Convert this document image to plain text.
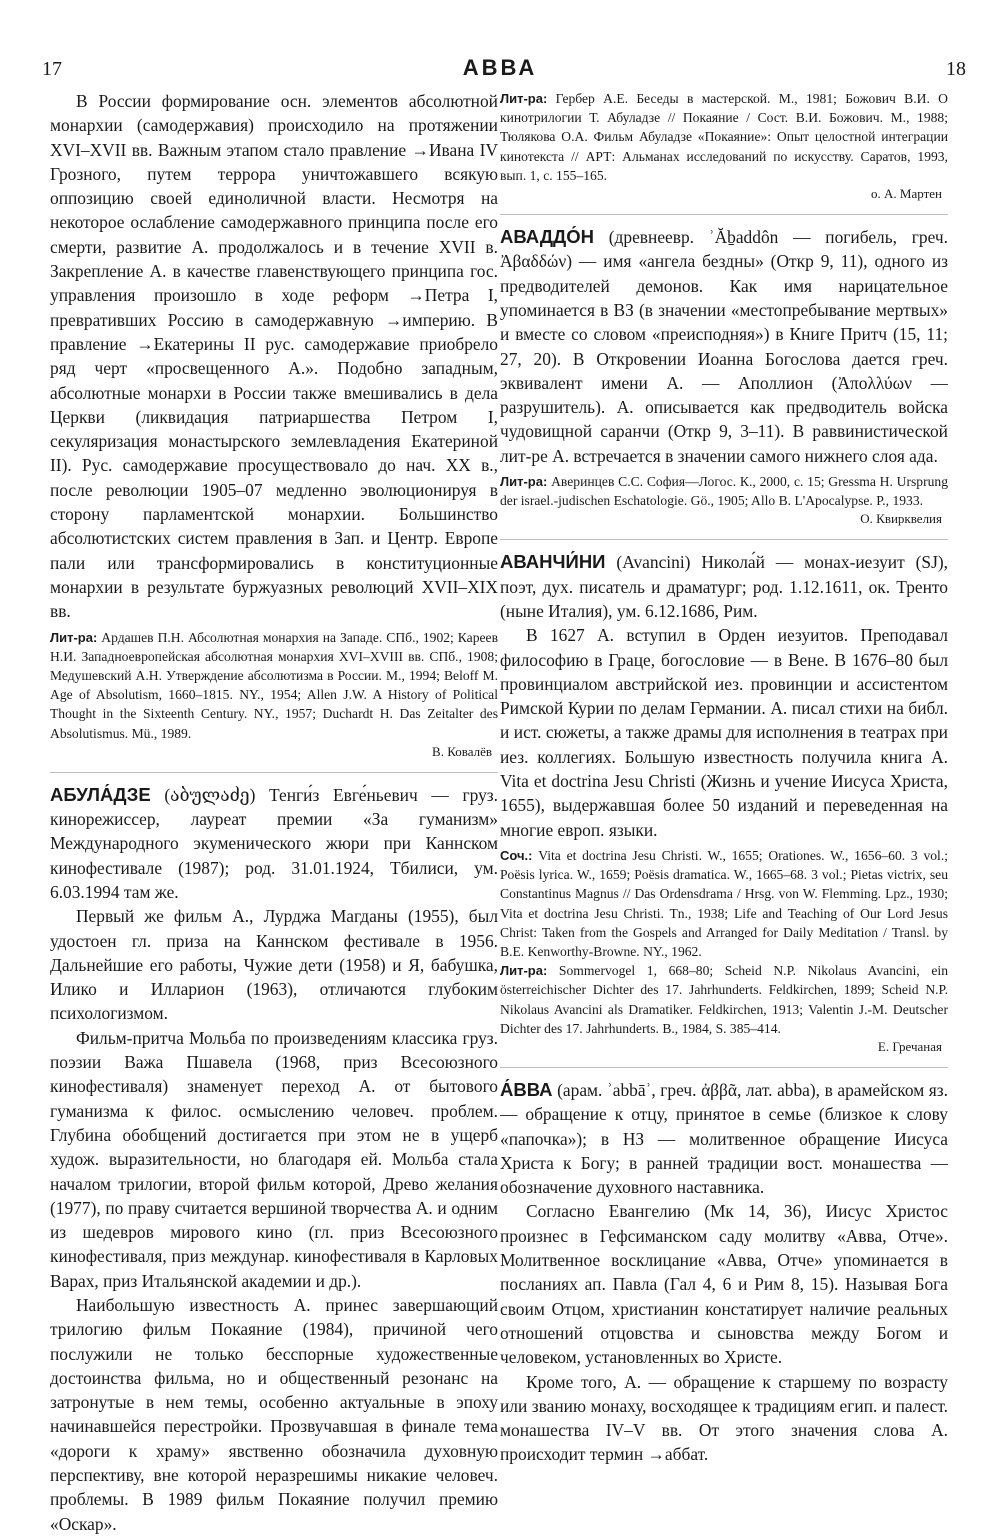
17	АВВА	18

В России формирование осн. элементов абсолютной монархии (самодержавия) происходило на протяжении XVI–XVII вв. Важным этапом стало правление →Ивана IV Грозного, путем террора уничтожавшего всякую оппозицию своей единоличной власти. Несмотря на некоторое ослабление самодержавного принципа после его смерти, развитие А. продолжалось и в течение XVII в. Закрепление А. в качестве главенствующего принципа гос. управления произошло в ходе реформ →Петра I, превративших Россию в самодержавную →империю. В правление →Екатерины II рус. самодержавие приобрело ряд черт «просвещенного А.». Подобно западным, абсолютные монархи в России также вмешивались в дела Церкви (ликвидация патриаршества Петром I, секуляризация монастырского землевладения Екатериной II). Рус. самодержавие просуществовало до нач. XX в., после революции 1905–07 медленно эволюционируя в сторону парламентской монархии. Большинство абсолютистских систем правления в Зап. и Центр. Европе пали или трансформировались в конституционные монархии в результате буржуазных революций XVII–XIX вв.

Лит-ра: Ардашев П.Н. Абсолютная монархия на Западе. СПб., 1902; Кареев Н.И. Западноевропейская абсолютная монархия XVI–XVIII вв. СПб., 1908; Медушевский А.Н. Утверждение абсолютизма в России. М., 1994; Beloff M. Age of Absolutism, 1660–1815. NY., 1954; Allen J.W. A History of Political Thought in the Sixteenth Century. NY., 1957; Duchardt H. Das Zeitalter des Absolutismus. Mü., 1989.

В. Ковалёв

АБУЛА́ДЗЕ (აბულაძე) Тенги́з Евге́ньевич — груз. кинорежиссер, лауреат премии «За гуманизм» Международного экуменического жюри при Каннском кинофестивале (1987); род. 31.01.1924, Тбилиси, ум. 6.03.1994 там же.

Первый же фильм А., Лурджа Магданы (1955), был удостоен гл. приза на Каннском фестивале в 1956. Дальнейшие его работы, Чужие дети (1958) и Я, бабушка, Илико и Илларион (1963), отличаются глубоким психологизмом.

Фильм-притча Мольба по произведениям классика груз. поэзии Важа Пшавела (1968, приз Всесоюзного кинофестиваля) знаменует переход А. от бытового гуманизма к филос. осмыслению человеч. проблем. Глубина обобщений достигается при этом не в ущерб худож. выразительности, но благодаря ей. Мольба стала началом трилогии, второй фильм которой, Древо желания (1977), по праву считается вершиной творчества А. и одним из шедевров мирового кино (гл. приз Всесоюзного кинофестиваля, приз междунар. кинофестиваля в Карловых Варах, приз Итальянской академии и др.).

Наибольшую известность А. принес завершающий трилогию фильм Покаяние (1984), причиной чего послужили не только бесспорные художественные достоинства фильма, но и общественный резонанс на затронутые в нем темы, особенно актуальные в эпоху начинавшейся перестройки. Прозвучавшая в финале тема «дороги к храму» явственно обозначила духовную перспективу, вне которой неразрешимы никакие человеч. проблемы. В 1989 фильм Покаяние получил премию «Оскар».

Лит-ра: Гербер А.Е. Беседы в мастерской. М., 1981; Божович В.И. О кинотрилогии Т. Абуладзе // Покаяние / Сост. В.И. Божович. М., 1988; Тюлякова О.А. Фильм Абуладзе «Покаяние»: Опыт целостной интеграции кинотекста // АРТ: Альманах исследований по искусству. Саратов, 1993, вып. 1, с. 155–165.

о. А. Мартен

АВАДДО́Н (древнеевр. ʾĂḇaddôn — погибель, греч. Ἀβαδδών) — имя «ангела бездны» (Откр 9, 11), одного из предводителей демонов. Как имя нарицательное упоминается в ВЗ (в значении «местопребывание мертвых» и вместе со словом «преисподняя») в Книге Притч (15, 11; 27, 20). В Откровении Иоанна Богослова дается греч. эквивалент имени А. — Аполлион (Ἀπολλύων — разрушитель). А. описывается как предводитель войска чудовищной саранчи (Откр 9, 3–11). В раввинистической лит-ре А. встречается в значении самого нижнего слоя ада.

Лит-ра: Аверинцев С.С. София—Логос. К., 2000, с. 15; Gressma H. Ursprung der israel.-judischen Eschatologie. Gö., 1905; Allo B. L'Apocalypse. P., 1933.

О. Квирквелия

АВАНЧИ́НИ (Avancini) Никола́й — монах-иезуит (SJ), поэт, дух. писатель и драматург; род. 1.12.1611, ок. Тренто (ныне Италия), ум. 6.12.1686, Рим.

В 1627 А. вступил в Орден иезуитов. Преподавал философию в Граце, богословие — в Вене. В 1676–80 был провинциалом австрийской иез. провинции и ассистентом Римской Курии по делам Германии. А. писал стихи на библ. и ист. сюжеты, а также драмы для исполнения в театрах при иез. коллегиях. Большую известность получила книга А. Vita et doctrina Jesu Christi (Жизнь и учение Иисуса Христа, 1655), выдержавшая более 50 изданий и переведенная на многие европ. языки.

Соч.: Vita et doctrina Jesu Christi. W., 1655; Orationes. W., 1656–60. 3 vol.; Poësis lyrica. W., 1659; Poësis dramatica. W., 1665–68. 3 vol.; Pietas victrix, seu Constantinus Magnus // Das Ordensdrama / Hrsg. von W. Flemming. Lpz., 1930; Vita et doctrina Jesu Christi. Tn., 1938; Life and Teaching of Our Lord Jesus Christ: Taken from the Gospels and Arranged for Daily Meditation / Transl. by B.E. Kenworthy-Browne. NY., 1962.

Лит-ра: Sommervogel 1, 668–80; Scheid N.P. Nikolaus Avancini, ein österreichischer Dichter des 17. Jahrhunderts. Feldkirchen, 1899; Scheid N.P. Nikolaus Avancini als Dramatiker. Feldkirchen, 1913; Valentin J.-M. Deutscher Dichter des 17. Jahrhunderts. B., 1984, S. 385–414.

Е. Гречаная

А́ВВА (арам. ʾabbāʾ, греч. ἀββᾶ, лат. abba), в арамейском яз. — обращение к отцу, принятое в семье (близкое к слову «папочка»); в НЗ — молитвенное обращение Иисуса Христа к Богу; в ранней традиции вост. монашества — обозначение духовного наставника.

Согласно Евангелию (Мк 14, 36), Иисус Христос произнес в Гефсиманском саду молитву «Авва, Отче». Молитвенное восклицание «Авва, Отче» упоминается в посланиях ап. Павла (Гал 4, 6 и Рим 8, 15). Называя Бога своим Отцом, христианин констатирует наличие реальных отношений отцовства и сыновства между Богом и человеком, установленных во Христе.

Кроме того, А. — обращение к старшему по возрасту или званию монаху, восходящее к традициям егип. и палест. монашества IV–V вв. От этого значения слова А. происходит термин →аббат.
